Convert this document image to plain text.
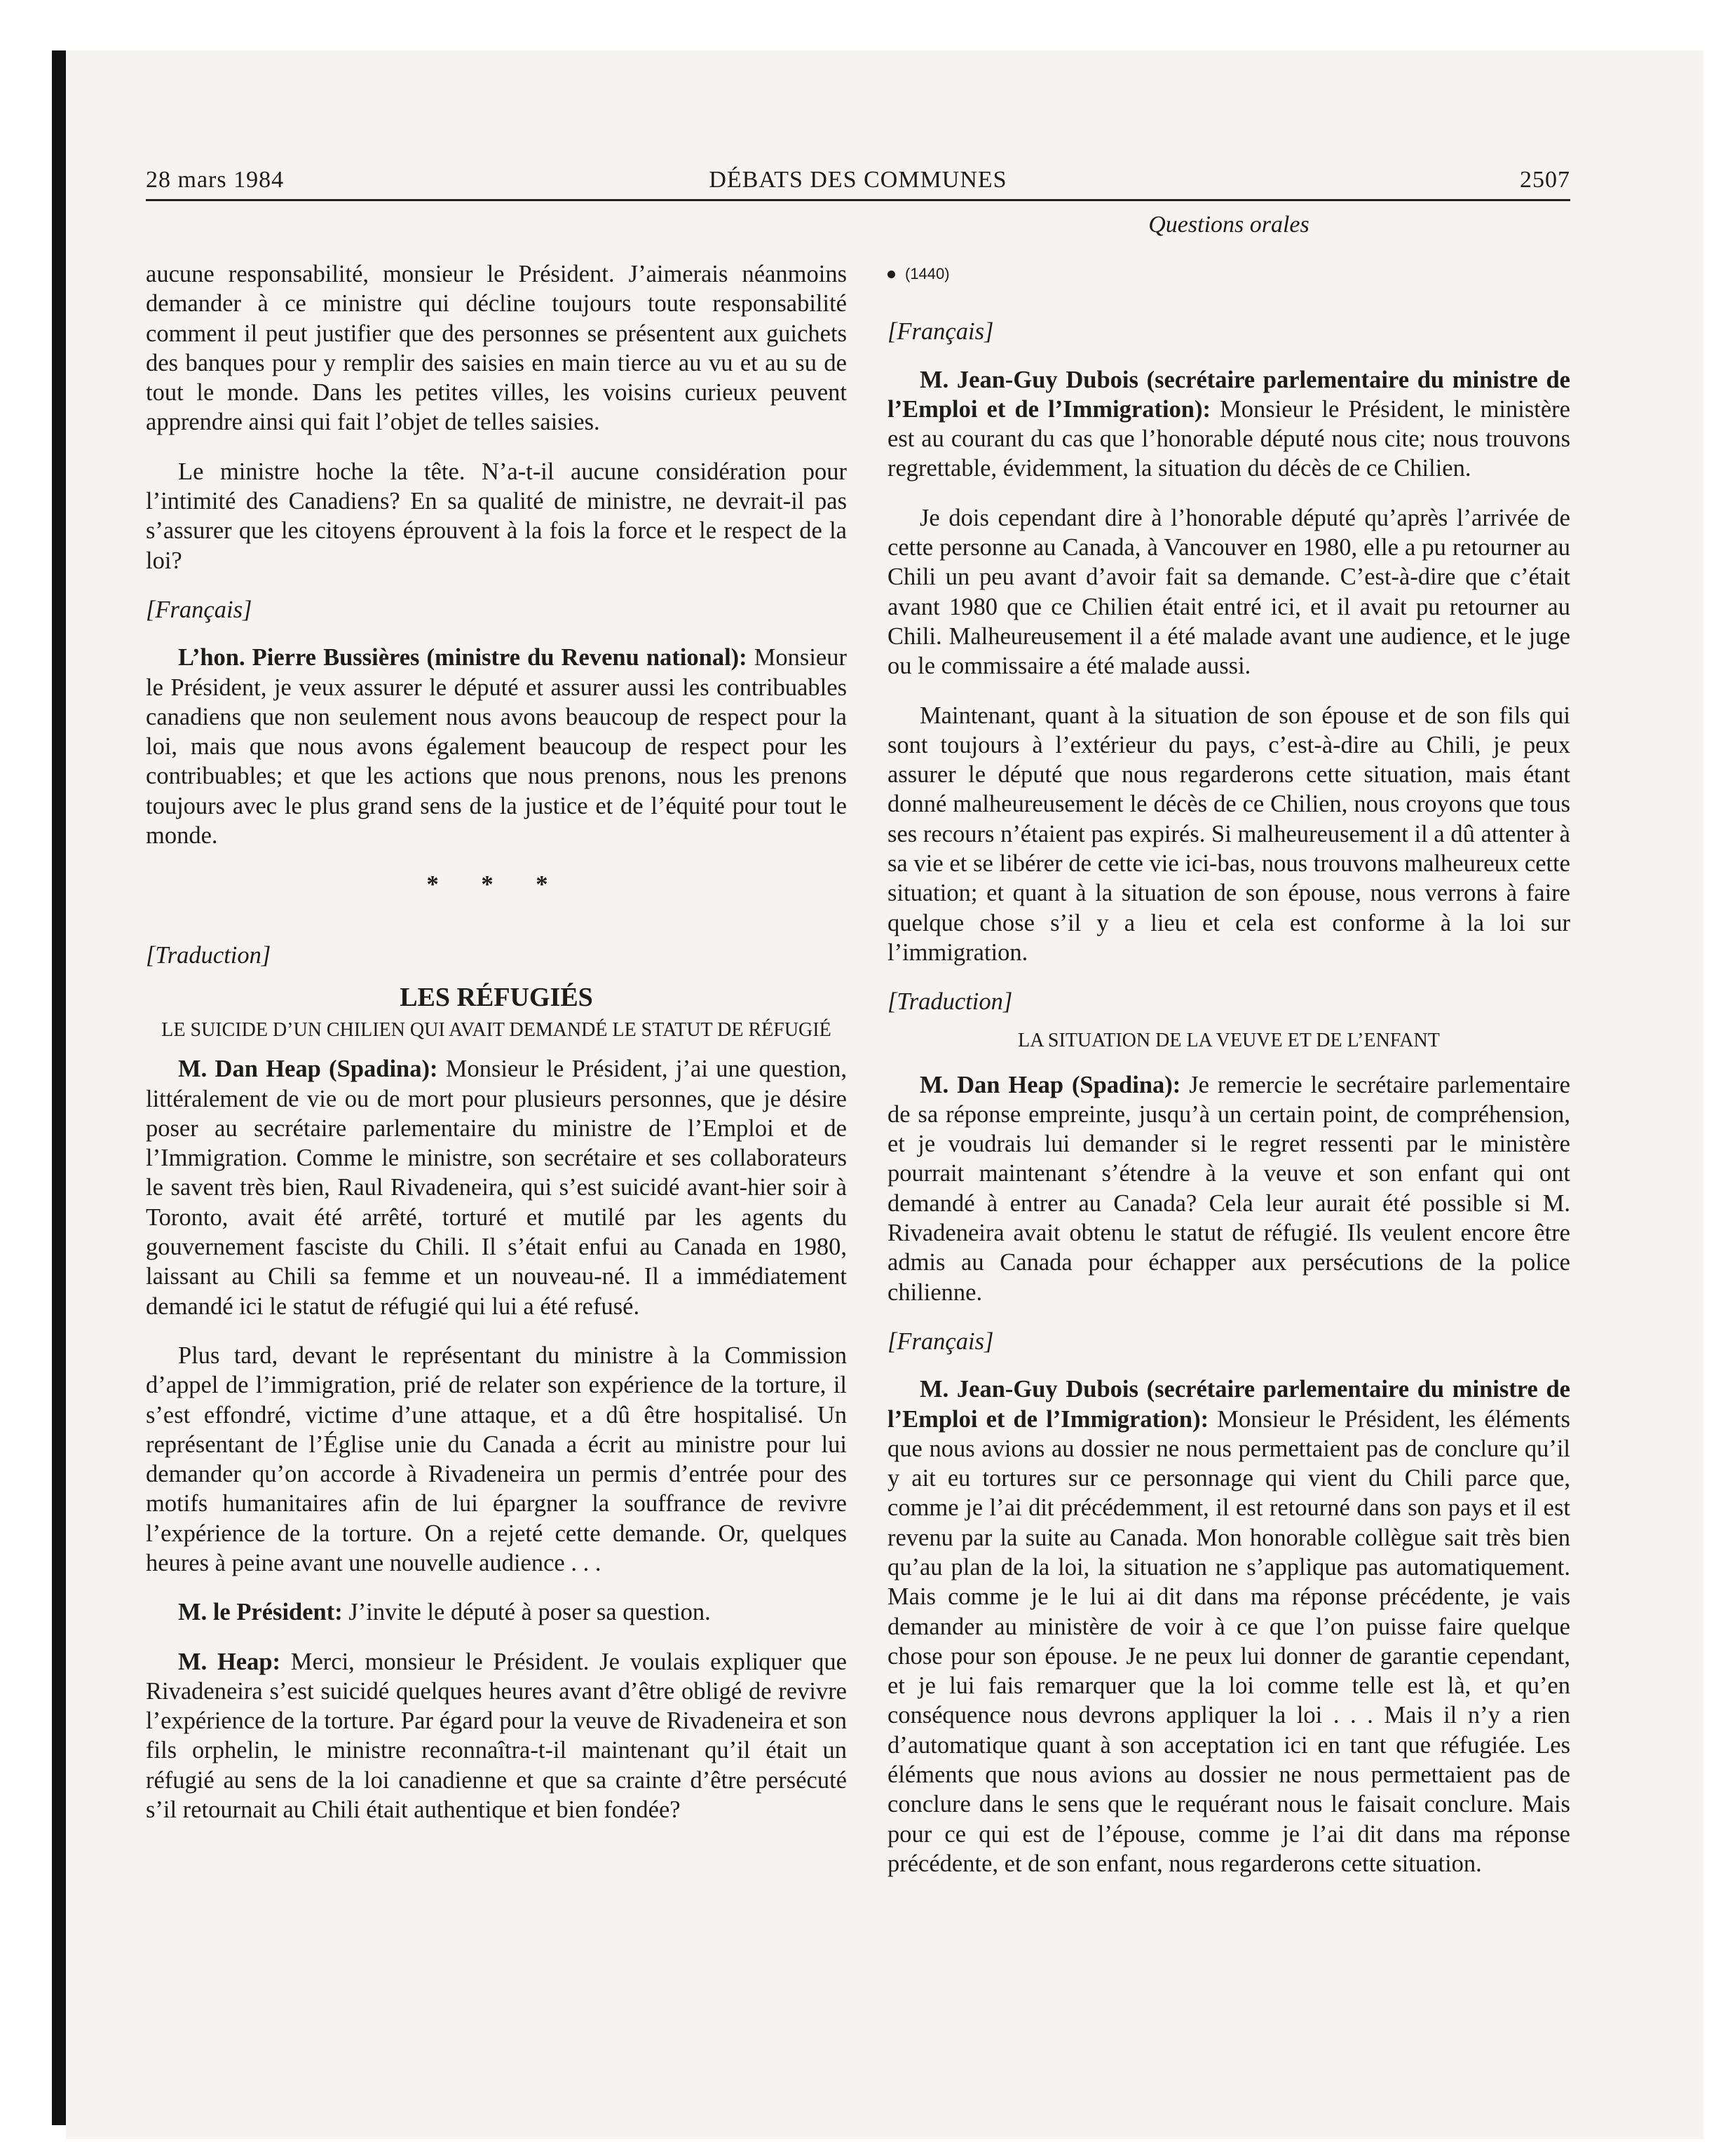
28 mars 1984	DÉBATS DES COMMUNES	2507
Questions orales

aucune responsabilité, monsieur le Président. J’aimerais néanmoins demander à ce ministre qui décline toujours toute responsabilité comment il peut justifier que des personnes se présentent aux guichets des banques pour y remplir des saisies en main tierce au vu et au su de tout le monde. Dans les petites villes, les voisins curieux peuvent apprendre ainsi qui fait l’objet de telles saisies.

Le ministre hoche la tête. N’a-t-il aucune considération pour l’intimité des Canadiens? En sa qualité de ministre, ne devrait-il pas s’assurer que les citoyens éprouvent à la fois la force et le respect de la loi?

[Français]

L’hon. Pierre Bussières (ministre du Revenu national): Monsieur le Président, je veux assurer le député et assurer aussi les contribuables canadiens que non seulement nous avons beaucoup de respect pour la loi, mais que nous avons également beaucoup de respect pour les contribuables; et que les actions que nous prenons, nous les prenons toujours avec le plus grand sens de la justice et de l’équité pour tout le monde.

* * *
[Traduction]
LES RÉFUGIÉS
LE SUICIDE D’UN CHILIEN QUI AVAIT DEMANDÉ LE STATUT DE RÉFUGIÉ

M. Dan Heap (Spadina): Monsieur le Président, j’ai une question, littéralement de vie ou de mort pour plusieurs personnes, que je désire poser au secrétaire parlementaire du ministre de l’Emploi et de l’Immigration. Comme le ministre, son secrétaire et ses collaborateurs le savent très bien, Raul Rivadeneira, qui s’est suicidé avant-hier soir à Toronto, avait été arrêté, torturé et mutilé par les agents du gouvernement fasciste du Chili. Il s’était enfui au Canada en 1980, laissant au Chili sa femme et un nouveau-né. Il a immédiatement demandé ici le statut de réfugié qui lui a été refusé.

Plus tard, devant le représentant du ministre à la Commission d’appel de l’immigration, prié de relater son expérience de la torture, il s’est effondré, victime d’une attaque, et a dû être hospitalisé. Un représentant de l’Église unie du Canada a écrit au ministre pour lui demander qu’on accorde à Rivadeneira un permis d’entrée pour des motifs humanitaires afin de lui épargner la souffrance de revivre l’expérience de la torture. On a rejeté cette demande. Or, quelques heures à peine avant une nouvelle audience . . .

M. le Président: J’invite le député à poser sa question.

M. Heap: Merci, monsieur le Président. Je voulais expliquer que Rivadeneira s’est suicidé quelques heures avant d’être obligé de revivre l’expérience de la torture. Par égard pour la veuve de Rivadeneira et son fils orphelin, le ministre reconnaîtra-t-il maintenant qu’il était un réfugié au sens de la loi canadienne et que sa crainte d’être persécuté s’il retournait au Chili était authentique et bien fondée?

(1440)
[Français]

M. Jean-Guy Dubois (secrétaire parlementaire du ministre de l’Emploi et de l’Immigration): Monsieur le Président, le ministère est au courant du cas que l’honorable député nous cite; nous trouvons regrettable, évidemment, la situation du décès de ce Chilien.

Je dois cependant dire à l’honorable député qu’après l’arrivée de cette personne au Canada, à Vancouver en 1980, elle a pu retourner au Chili un peu avant d’avoir fait sa demande. C’est-à-dire que c’était avant 1980 que ce Chilien était entré ici, et il avait pu retourner au Chili. Malheureusement il a été malade avant une audience, et le juge ou le commissaire a été malade aussi.

Maintenant, quant à la situation de son épouse et de son fils qui sont toujours à l’extérieur du pays, c’est-à-dire au Chili, je peux assurer le député que nous regarderons cette situation, mais étant donné malheureusement le décès de ce Chilien, nous croyons que tous ses recours n’étaient pas expirés. Si malheureusement il a dû attenter à sa vie et se libérer de cette vie ici-bas, nous trouvons malheureux cette situation; et quant à la situation de son épouse, nous verrons à faire quelque chose s’il y a lieu et cela est conforme à la loi sur l’immigration.

[Traduction]
LA SITUATION DE LA VEUVE ET DE L’ENFANT

M. Dan Heap (Spadina): Je remercie le secrétaire parlementaire de sa réponse empreinte, jusqu’à un certain point, de compréhension, et je voudrais lui demander si le regret ressenti par le ministère pourrait maintenant s’étendre à la veuve et son enfant qui ont demandé à entrer au Canada? Cela leur aurait été possible si M. Rivadeneira avait obtenu le statut de réfugié. Ils veulent encore être admis au Canada pour échapper aux persécutions de la police chilienne.

[Français]

M. Jean-Guy Dubois (secrétaire parlementaire du ministre de l’Emploi et de l’Immigration): Monsieur le Président, les éléments que nous avions au dossier ne nous permettaient pas de conclure qu’il y ait eu tortures sur ce personnage qui vient du Chili parce que, comme je l’ai dit précédemment, il est retourné dans son pays et il est revenu par la suite au Canada. Mon honorable collègue sait très bien qu’au plan de la loi, la situation ne s’applique pas automatiquement. Mais comme je le lui ai dit dans ma réponse précédente, je vais demander au ministère de voir à ce que l’on puisse faire quelque chose pour son épouse. Je ne peux lui donner de garantie cependant, et je lui fais remarquer que la loi comme telle est là, et qu’en conséquence nous devrons appliquer la loi . . . Mais il n’y a rien d’automatique quant à son acceptation ici en tant que réfugiée. Les éléments que nous avions au dossier ne nous permettaient pas de conclure dans le sens que le requérant nous le faisait conclure. Mais pour ce qui est de l’épouse, comme je l’ai dit dans ma réponse précédente, et de son enfant, nous regarderons cette situation.
